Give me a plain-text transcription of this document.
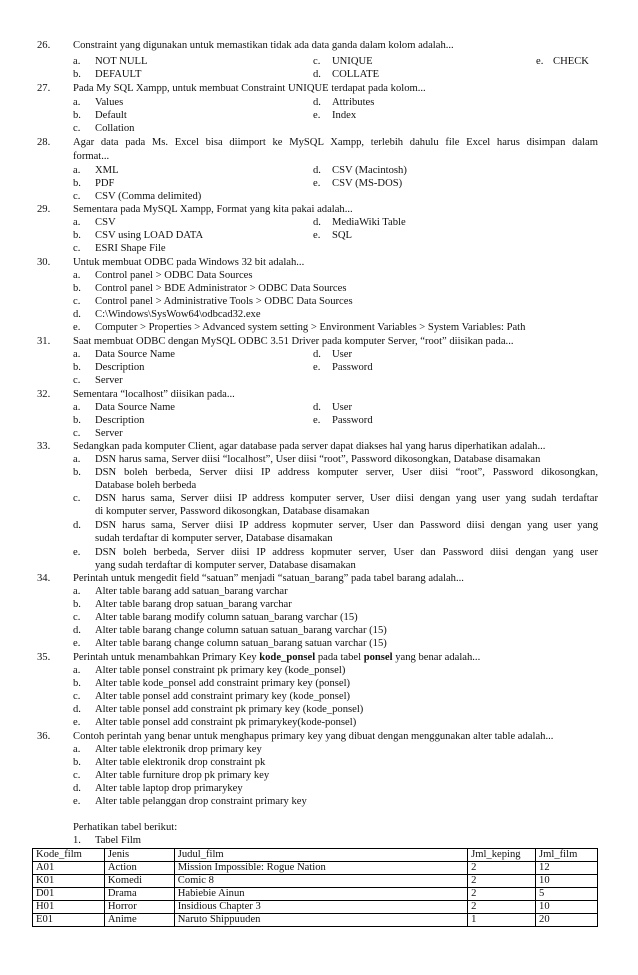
26. Constraint yang digunakan untuk memastikan tidak ada data ganda dalam kolom adalah...
a. NOT NULL	c. UNIQUE	e. CHECK
b. DEFAULT	d. COLLATE
27. Pada My SQL Xampp, untuk membuat Constraint UNIQUE terdapat pada kolom...
a. Values	d. Attributes
b. Default	e. Index
c. Collation
28. Agar data pada Ms. Excel bisa diimport ke MySQL Xampp, terlebih dahulu file Excel harus disimpan dalam
format...
a. XML	d. CSV (Macintosh)
b. PDF	e. CSV (MS-DOS)
c. CSV (Comma delimited)
29. Sementara pada MySQL Xampp, Format yang kita pakai adalah...
a. CSV	d. MediaWiki Table
b. CSV using LOAD DATA	e. SQL
c. ESRI Shape File
30. Untuk membuat ODBC pada Windows 32 bit adalah...
a. Control panel > ODBC Data Sources
b. Control panel > BDE Administrator > ODBC Data Sources
c. Control panel > Administrative Tools > ODBC Data Sources
d. C:\Windows\SysWow64\odbcad32.exe
e. Computer > Properties > Advanced system setting > Environment Variables > System Variables: Path
31. Saat membuat ODBC dengan MySQL ODBC 3.51 Driver pada komputer Server, “root” diisikan pada...
a. Data Source Name	d. User
b. Description	e. Password
c. Server
32. Sementara “localhost” diisikan pada...
a. Data Source Name	d. User
b. Description	e. Password
c. Server
33. Sedangkan pada komputer Client, agar database pada server dapat diakses hal yang harus diperhatikan adalah...
a. DSN harus sama, Server diisi “localhost”, User diisi “root”, Password dikosongkan, Database disamakan
b. DSN boleh berbeda, Server diisi IP address komputer server, User diisi “root”, Password dikosongkan,
Database boleh berbeda
c. DSN harus sama, Server diisi IP address komputer server, User diisi dengan yang user yang sudah terdaftar
di komputer server, Password dikosongkan, Database disamakan
d. DSN harus sama, Server diisi IP address kopmuter server, User dan Password diisi dengan yang user yang
sudah terdaftar di komputer server, Database disamakan
e. DSN boleh berbeda, Server diisi IP address kopmuter server, User dan Password diisi dengan yang user
yang sudah terdaftar di komputer server, Database disamakan
34. Perintah untuk mengedit field “satuan” menjadi “satuan_barang” pada tabel barang adalah...
a. Alter table barang add satuan_barang varchar
b. Alter table barang drop satuan_barang varchar
c. Alter table barang modify column satuan_barang varchar (15)
d. Alter table barang change column satuan satuan_barang varchar (15)
e. Alter table barang change column satuan_barang satuan varchar (15)
35. Perintah untuk menambahkan Primary Key kode_ponsel pada tabel ponsel yang benar adalah...
a. Alter table ponsel constraint pk primary key (kode_ponsel)
b. Alter table kode_ponsel add constraint primary key (ponsel)
c. Alter table ponsel add constraint primary key (kode_ponsel)
d. Alter table ponsel add constraint pk primary key (kode_ponsel)
e. Alter table ponsel add constraint pk primarykey(kode-ponsel)
36. Contoh perintah yang benar untuk menghapus primary key yang dibuat dengan menggunakan alter table adalah...
a. Alter table elektronik drop primary key
b. Alter table elektronik drop constraint pk
c. Alter table furniture drop pk primary key
d. Alter table laptop drop primarykey
e. Alter table pelanggan drop constraint primary key
Perhatikan tabel berikut:
1. Tabel Film
Kode_film	Jenis	Judul_film	Jml_keping	Jml_film
A01	Action	Mission Impossible: Rogue Nation	2	12
K01	Komedi	Comic 8	2	10
D01	Drama	Habiebie Ainun	2	5
H01	Horror	Insidious Chapter 3	2	10
E01	Anime	Naruto Shippuuden	1	20
